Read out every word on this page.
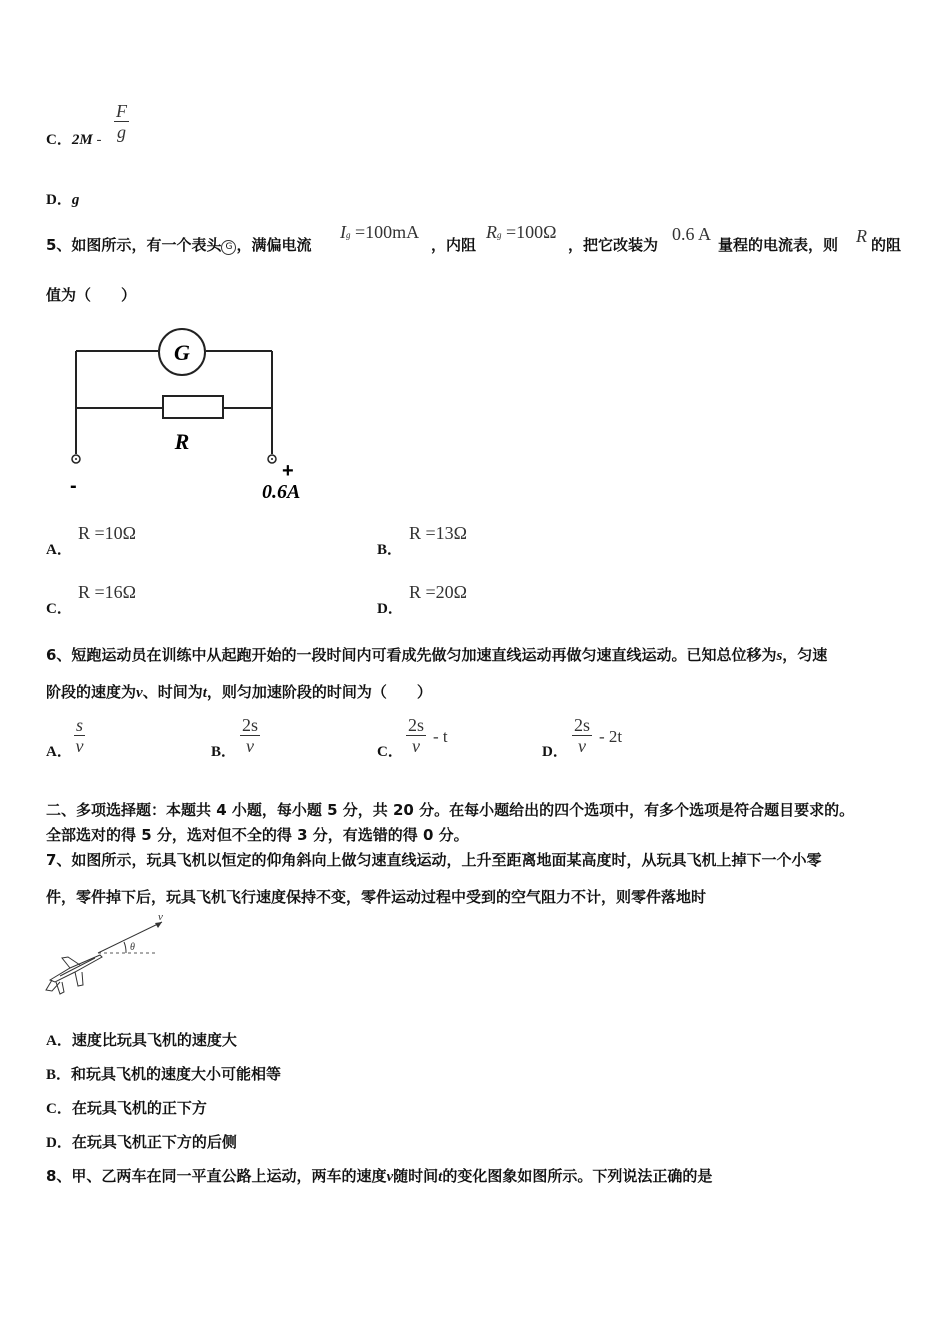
C．2M -
F
g
D．g
5、如图所示，有一个表头 G ，满偏电流
Ig =100mA
，内阻
Rg =100Ω
，把它改装为
0.6 A
量程的电流表，则 R 的阻
值为（　　）
G
R
-
+
0.6A
A．
R =10Ω
B．
R =13Ω
C．
R =16Ω
D．
R =20Ω
6、短跑运动员在训练中从起跑开始的一段时间内可看成先做匀加速直线运动再做匀速直线运动。已知总位移为s，匀速
阶段的速度为v、时间为t，则匀加速阶段的时间为（　　）
A．
s
v	B．
2s
v	C．
2s
v - t
D．
2s
v - 2t
二、多项选择题：本题共 4 小题，每小题 5 分，共 20 分。在每小题给出的四个选项中，有多个选项是符合题目要求的。
全部选对的得 5 分，选对但不全的得 3 分，有选错的得 0 分。
7、如图所示，玩具飞机以恒定的仰角斜向上做匀速直线运动，上升至距离地面某高度时，从玩具飞机上掉下一个小零
件，零件掉下后，玩具飞机飞行速度保持不变，零件运动过程中受到的空气阻力不计，则零件落地时
v
θ
A．速度比玩具飞机的速度大
B．和玩具飞机的速度大小可能相等
C．在玩具飞机的正下方
D．在玩具飞机正下方的后侧
8、甲、乙两车在同一平直公路上运动，两车的速度v随时间t的变化图象如图所示。下列说法正确的是
